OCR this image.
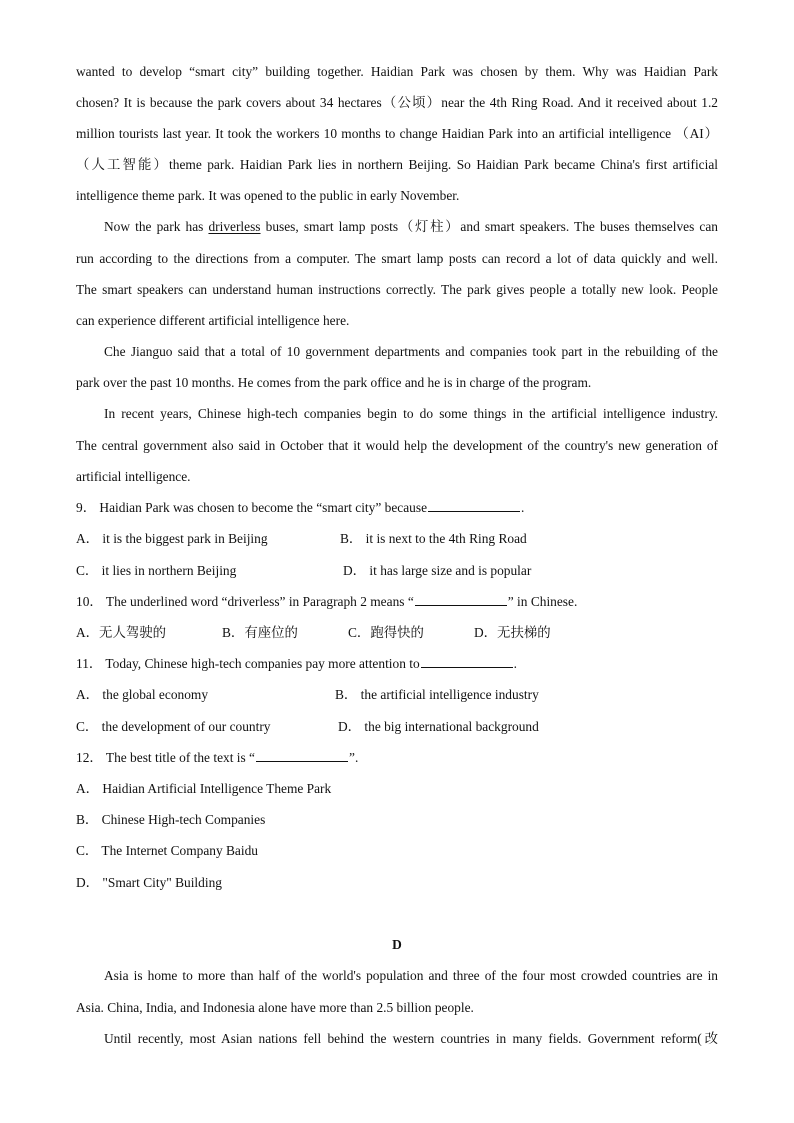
wanted to develop “smart city” building together. Haidian Park was chosen by them. Why was Haidian Park
chosen? It is because the park covers about 34 hectares（公顷）near the 4th Ring Road. And it received about 1.2
million tourists last year. It took the workers 10 months to change Haidian Park into an artificial intelligence （AI）
（人工智能）theme park. Haidian Park lies in northern Beijing. So Haidian Park became China's first artificial
intelligence theme park. It was opened to the public in early November.
Now the park has driverless buses, smart lamp posts（灯柱）and smart speakers. The buses themselves can
run according to the directions from a computer. The smart lamp posts can record a lot of data quickly and well.
The smart speakers can understand human instructions correctly. The park gives people a totally new look. People
can experience different artificial intelligence here.
Che Jianguo said that a total of 10 government departments and companies took part in the rebuilding of the
park over the past 10 months. He comes from the park office and he is in charge of the program.
In recent years, Chinese high-tech companies begin to do some things in the artificial intelligence industry.
The central government also said in October that it would help the development of the country's new generation of
artificial intelligence.
9． Haidian Park was chosen to become the “smart city” because	.
A． it is the biggest park in Beijing	B． it is next to the 4th Ring Road
C． it lies in northern Beijing	D． it has large size and is popular
10． The underlined word “driverless” in Paragraph 2 means “	” in Chinese.
A．无人驾驶的	B．有座位的	C．跑得快的	D．无扶梯的
11． Today, Chinese high-tech companies pay more attention to	.
A． the global economy	B． the artificial intelligence industry
C． the development of our country	D． the big international background
12． The best title of the text is “	”.
A． Haidian Artificial Intelligence Theme Park
B． Chinese High-tech Companies
C． The Internet Company Baidu
D． "Smart City" Building
D
Asia is home to more than half of the world's population and three of the four most crowded countries are in
Asia. China, India, and Indonesia alone have more than 2.5 billion people.
Until recently, most Asian nations fell behind the western countries in many fields. Government reform(改
